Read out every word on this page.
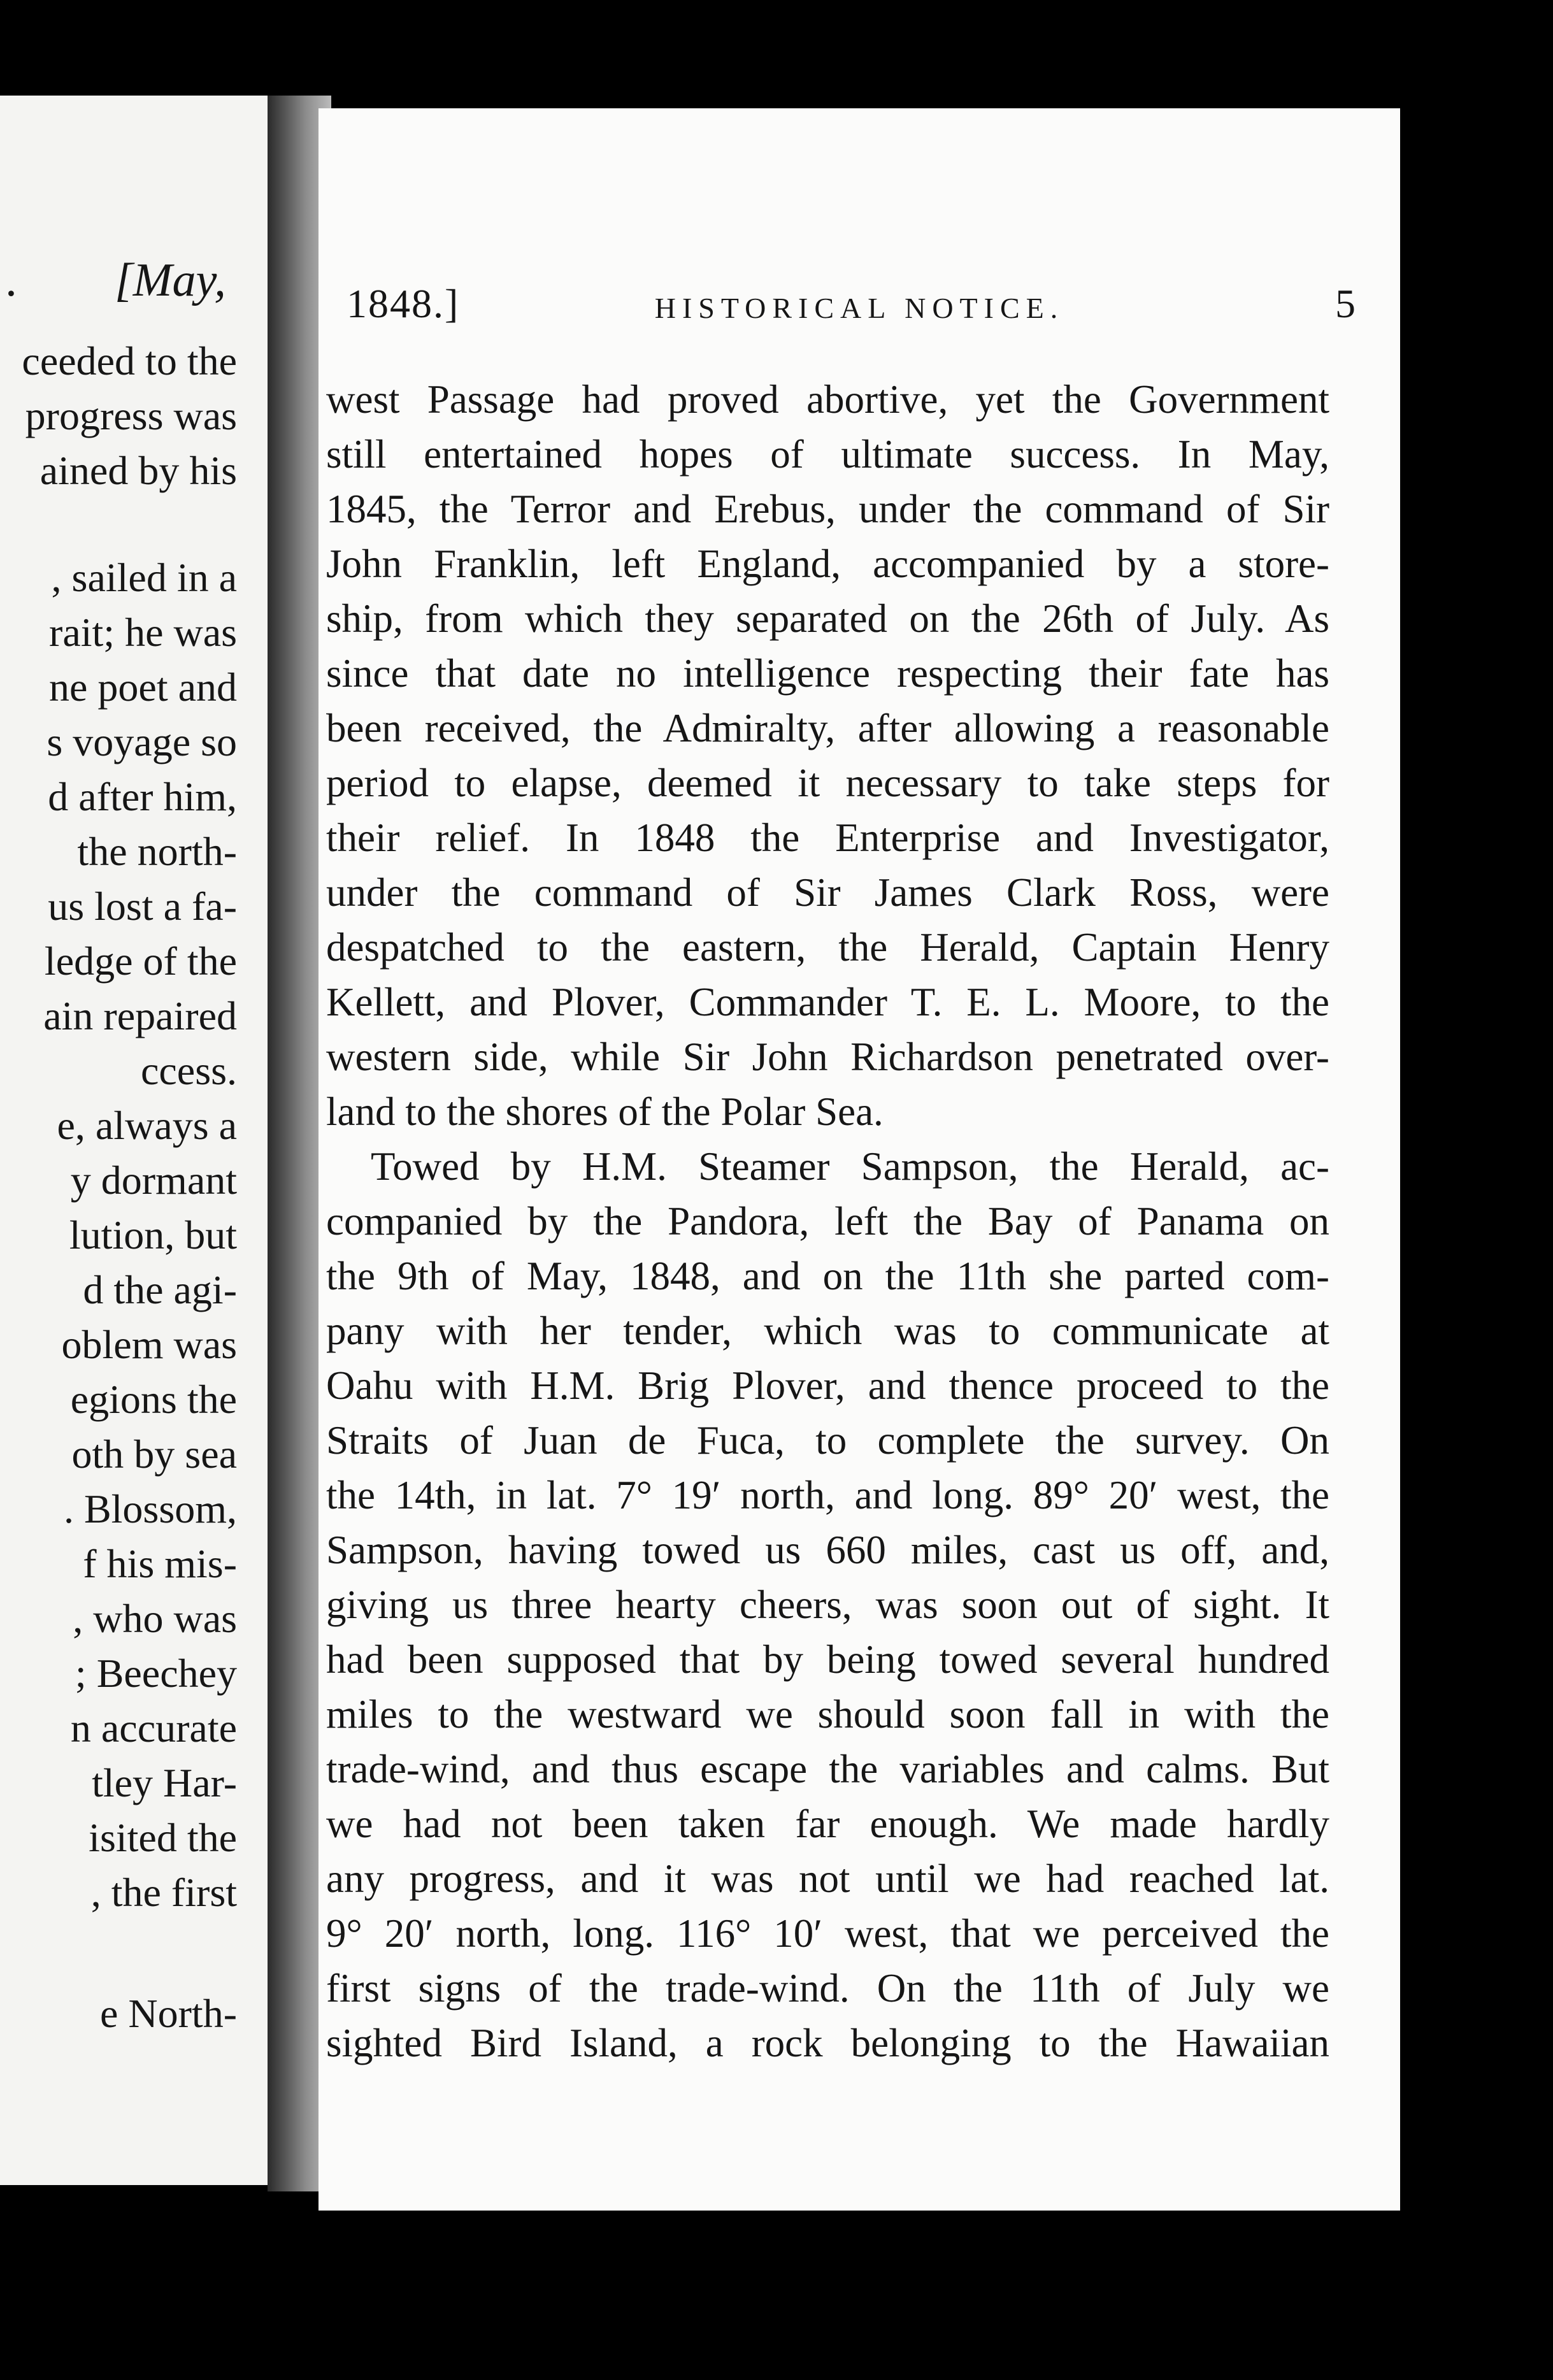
. [May,
ceeded to the
progress was
ained by his
, sailed in a
rait; he was
ne poet and
s voyage so
d after him,
the north-
us lost a fa-
ledge of the
ain repaired
ccess.
e, always a
y dormant
lution, but
d the agi-
oblem was
egions the
oth by sea
. Blossom,
f his mis-
, who was
; Beechey
n accurate
tley Har-
isited the
, the first
e North-
1848.]	HISTORICAL NOTICE.	5
west Passage had proved abortive, yet the Government
still entertained hopes of ultimate success. In May,
1845, the Terror and Erebus, under the command of Sir
John Franklin, left England, accompanied by a store-
ship, from which they separated on the 26th of July. As
since that date no intelligence respecting their fate has
been received, the Admiralty, after allowing a reasonable
period to elapse, deemed it necessary to take steps for
their relief. In 1848 the Enterprise and Investigator,
under the command of Sir James Clark Ross, were
despatched to the eastern, the Herald, Captain Henry
Kellett, and Plover, Commander T. E. L. Moore, to the
western side, while Sir John Richardson penetrated over-
land to the shores of the Polar Sea.
Towed by H.M. Steamer Sampson, the Herald, ac-
companied by the Pandora, left the Bay of Panama on
the 9th of May, 1848, and on the 11th she parted com-
pany with her tender, which was to communicate at
Oahu with H.M. Brig Plover, and thence proceed to the
Straits of Juan de Fuca, to complete the survey. On
the 14th, in lat. 7° 19′ north, and long. 89° 20′ west, the
Sampson, having towed us 660 miles, cast us off, and,
giving us three hearty cheers, was soon out of sight. It
had been supposed that by being towed several hundred
miles to the westward we should soon fall in with the
trade-wind, and thus escape the variables and calms. But
we had not been taken far enough. We made hardly
any progress, and it was not until we had reached lat.
9° 20′ north, long. 116° 10′ west, that we perceived the
first signs of the trade-wind. On the 11th of July we
sighted Bird Island, a rock belonging to the Hawaiian
